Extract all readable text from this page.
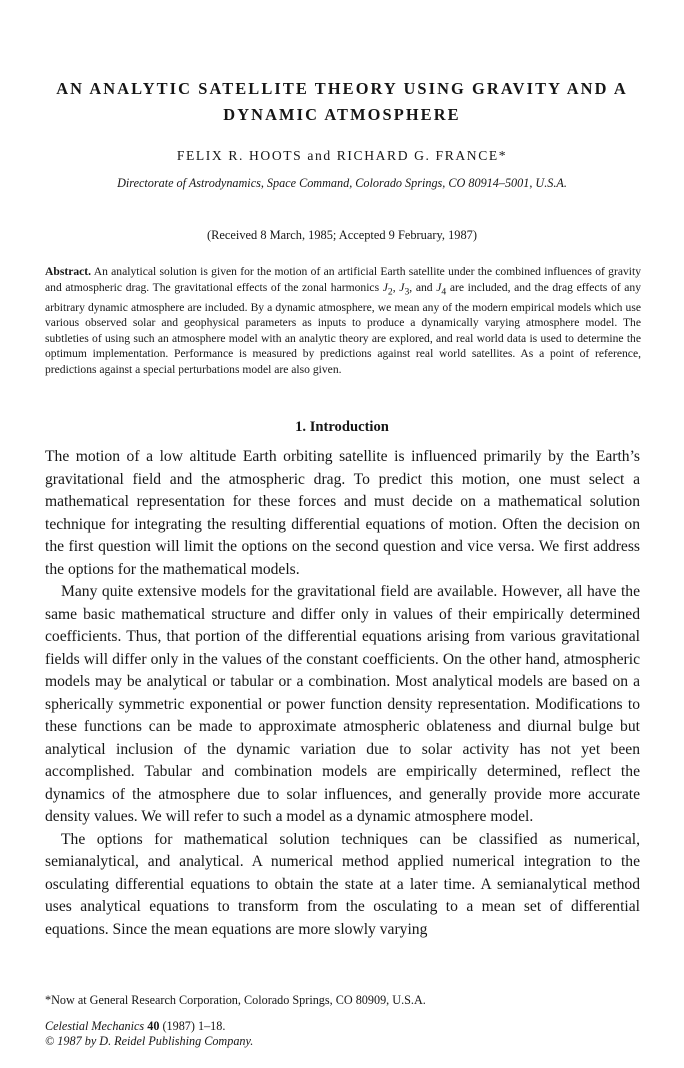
AN ANALYTIC SATELLITE THEORY USING GRAVITY AND A
DYNAMIC ATMOSPHERE

FELIX R. HOOTS and RICHARD G. FRANCE*

Directorate of Astrodynamics, Space Command, Colorado Springs, CO 80914–5001, U.S.A.

(Received 8 March, 1985; Accepted 9 February, 1987)

Abstract. An analytical solution is given for the motion of an artificial Earth satellite under the combined influences of gravity and atmospheric drag. The gravitational effects of the zonal harmonics $J_2$, $J_3$, and $J_4$ are included, and the drag effects of any arbitrary dynamic atmosphere are included. By a dynamic atmosphere, we mean any of the modern empirical models which use various observed solar and geophysical parameters as inputs to produce a dynamically varying atmosphere model. The subtleties of using such an atmosphere model with an analytic theory are explored, and real world data is used to determine the optimum implementation. Performance is measured by predictions against real world satellites. As a point of reference, predictions against a special perturbations model are also given.

1. Introduction

The motion of a low altitude Earth orbiting satellite is influenced primarily by the Earth’s gravitational field and the atmospheric drag. To predict this motion, one must select a mathematical representation for these forces and must decide on a mathematical solution technique for integrating the resulting differential equations of motion. Often the decision on the first question will limit the options on the second question and vice versa. We first address the options for the mathematical models.

Many quite extensive models for the gravitational field are available. However, all have the same basic mathematical structure and differ only in values of their empirically determined coefficients. Thus, that portion of the differential equations arising from various gravitational fields will differ only in the values of the constant coefficients. On the other hand, atmospheric models may be analytical or tabular or a combination. Most analytical models are based on a spherically symmetric exponential or power function density representation. Modifications to these functions can be made to approximate atmospheric oblateness and diurnal bulge but analytical inclusion of the dynamic variation due to solar activity has not yet been accomplished. Tabular and combination models are empirically determined, reflect the dynamics of the atmosphere due to solar influences, and generally provide more accurate density values. We will refer to such a model as a dynamic atmosphere model.

The options for mathematical solution techniques can be classified as numerical, semianalytical, and analytical. A numerical method applied numerical integration to the osculating differential equations to obtain the state at a later time. A semianalytical method uses analytical equations to transform from the osculating to a mean set of differential equations. Since the mean equations are more slowly varying

*Now at General Research Corporation, Colorado Springs, CO 80909, U.S.A.

Celestial Mechanics 40 (1987) 1–18.
© 1987 by D. Reidel Publishing Company.
